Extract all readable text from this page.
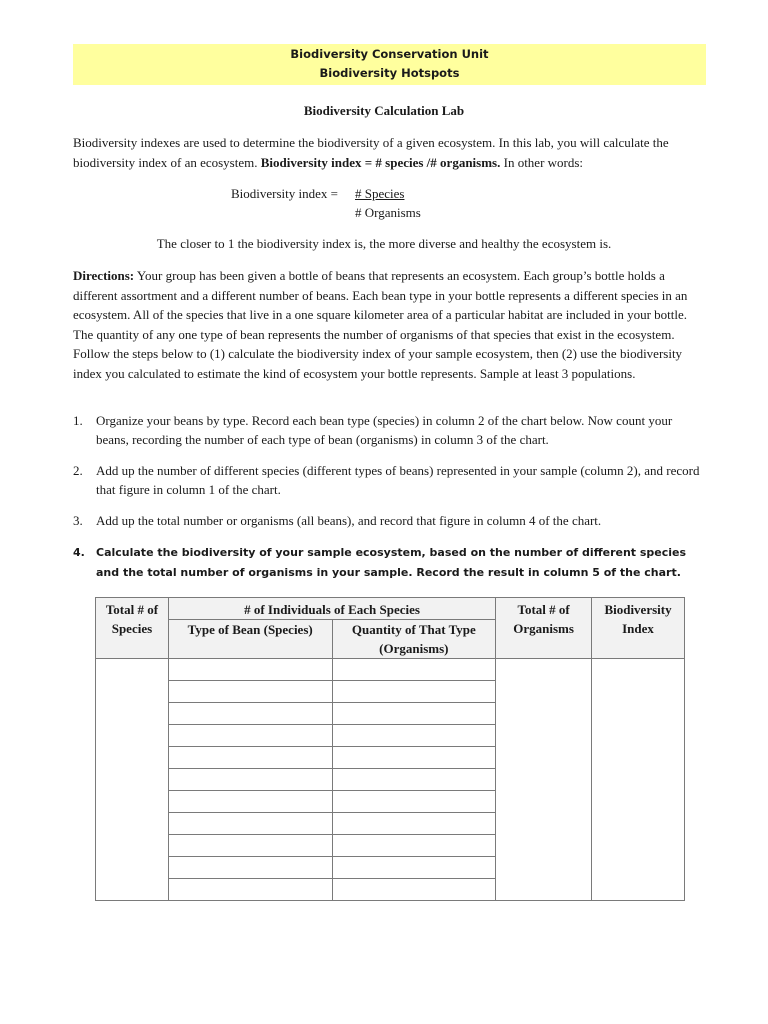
Biodiversity Conservation Unit
Biodiversity Hotspots
Biodiversity Calculation Lab
Biodiversity indexes are used to determine the biodiversity of a given ecosystem. In this lab, you will calculate the biodiversity index of an ecosystem. Biodiversity index = # species /# organisms. In other words:
Biodiversity index = # Species
# Organisms
The closer to 1 the biodiversity index is, the more diverse and healthy the ecosystem is.
Directions: Your group has been given a bottle of beans that represents an ecosystem. Each group’s bottle holds a different assortment and a different number of beans. Each bean type in your bottle represents a different species in an ecosystem. All of the species that live in a one square kilometer area of a particular habitat are included in your bottle. The quantity of any one type of bean represents the number of organisms of that species that exist in the ecosystem. Follow the steps below to (1) calculate the biodiversity index of your sample ecosystem, then (2) use the biodiversity index you calculated to estimate the kind of ecosystem your bottle represents. Sample at least 3 populations.
1. Organize your beans by type. Record each bean type (species) in column 2 of the chart below. Now count your beans, recording the number of each type of bean (organisms) in column 3 of the chart.
2. Add up the number of different species (different types of beans) represented in your sample (column 2), and record that figure in column 1 of the chart.
3. Add up the total number or organisms (all beans), and record that figure in column 4 of the chart.
4. Calculate the biodiversity of your sample ecosystem, based on the number of different species and the total number of organisms in your sample. Record the result in column 5 of the chart.
Total # of Species	# of Individuals of Each Species		Total # of Organisms	Biodiversity Index
	Type of Bean (Species)	Quantity of That Type (Organisms)		
